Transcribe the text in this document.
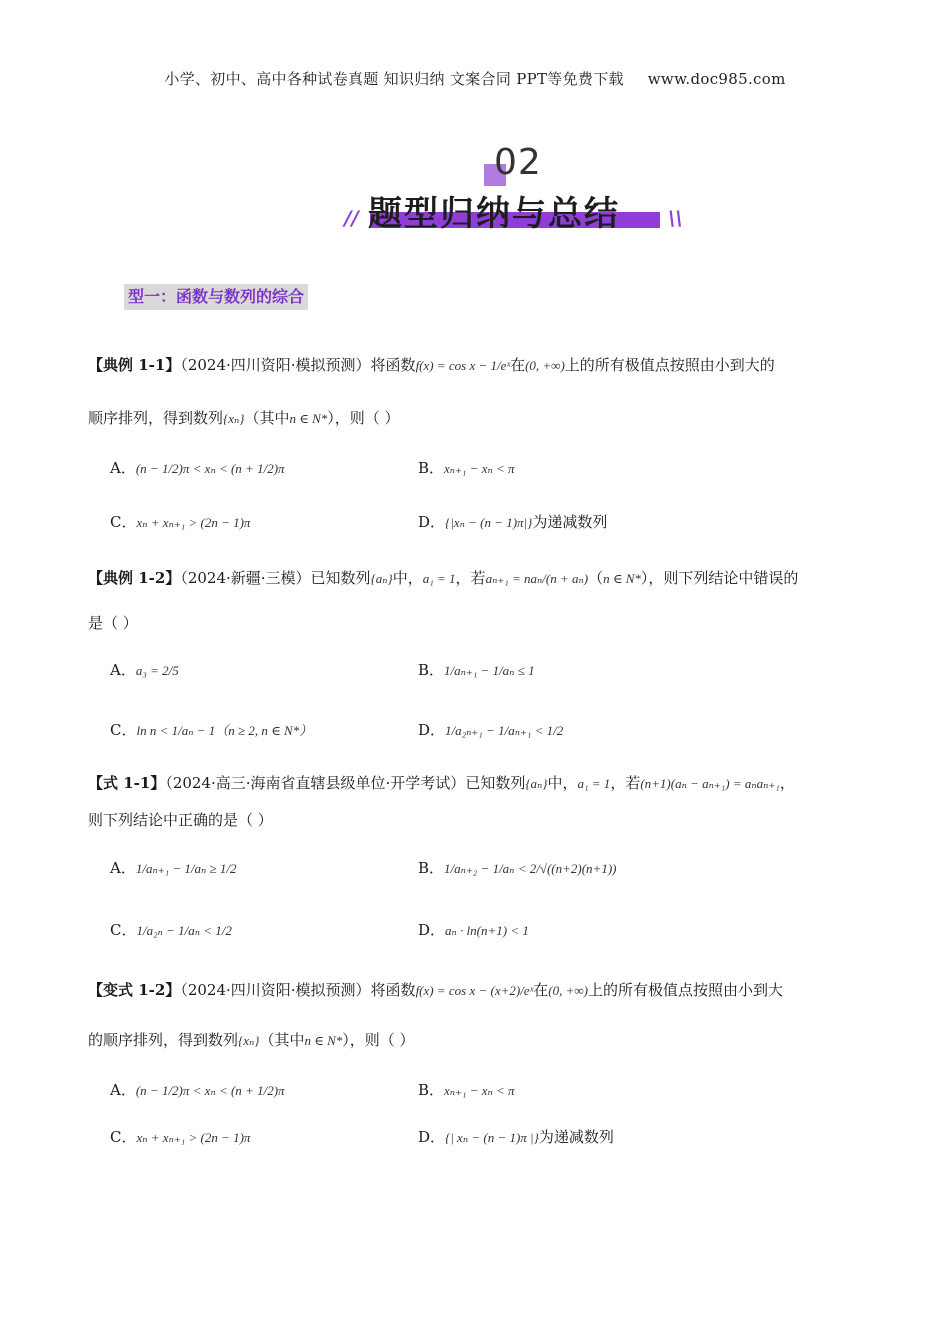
小学、初中、高中各种试卷真题 知识归纳 文案合同 PPT等免费下载 www.doc985.com
02
// 题型归纳与总结 \\
型一：函数与数列的综合
【典例 1-1】（2024·四川资阳·模拟预测）将函数f(x) = cos x − 1/eˣ在(0, +∞)上的所有极值点按照由小到大的
顺序排列，得到数列{xₙ}（其中n ∈ N*），则（ ）
A．(n − 1/2)π < xₙ < (n + 1/2)π	B．xₙ₊₁ − xₙ < π
C．xₙ + xₙ₊₁ > (2n − 1)π	D．{|xₙ − (n − 1)π|}为递减数列
【典例 1-2】（2024·新疆·三模）已知数列{aₙ}中，a₁ = 1，若aₙ₊₁ = naₙ/(n + aₙ)（n ∈ N*），则下列结论中错误的
是（ ）
A．a₃ = 2/5	B．1/aₙ₊₁ − 1/aₙ ≤ 1
C．ln n < 1/aₙ − 1（n ≥ 2, n ∈ N*）	D．1/a₂ₙ₊₁ − 1/aₙ₊₁ < 1/2
【式 1-1】（2024·高三·海南省直辖县级单位·开学考试）已知数列{aₙ}中，a₁ = 1，若(n+1)(aₙ − aₙ₊₁) = aₙaₙ₊₁，
则下列结论中正确的是（ ）
A．1/aₙ₊₁ − 1/aₙ ≥ 1/2	B．1/aₙ₊₂ − 1/aₙ < 2/√((n+2)(n+1))
C．1/a₂ₙ − 1/aₙ < 1/2	D．aₙ · ln(n+1) < 1
【变式 1-2】（2024·四川资阳·模拟预测）将函数f(x) = cos x − (x+2)/eˣ在(0, +∞)上的所有极值点按照由小到大
的顺序排列，得到数列{xₙ}（其中n ∈ N*），则（ ）
A．(n − 1/2)π < xₙ < (n + 1/2)π	B．xₙ₊₁ − xₙ < π
C．xₙ + xₙ₊₁ > (2n − 1)π	D．{| xₙ − (n − 1)π |}为递减数列
